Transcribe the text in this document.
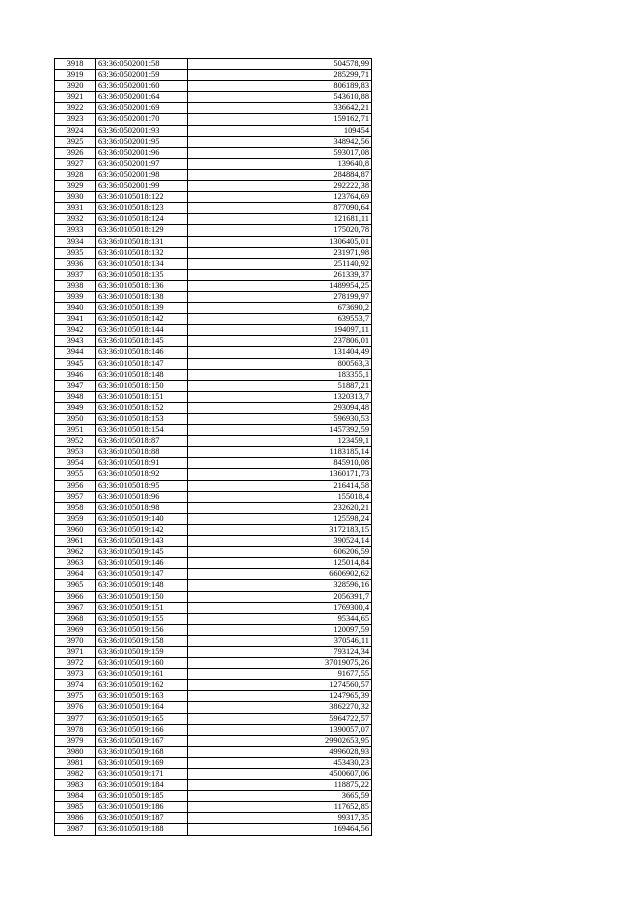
3918	63:36:0502001:58	504578,99
3919	63:36:0502001:59	285299,71
3920	63:36:0502001:60	806189,83
3921	63:36:0502001:64	543610,88
3922	63:36:0502001:69	336642,21
3923	63:36:0502001:70	159162,71
3924	63:36:0502001:93	109454
3925	63:36:0502001:95	348942,56
3926	63:36:0502001:96	593017,08
3927	63:36:0502001:97	139640,8
3928	63:36:0502001:98	284884,87
3929	63:36:0502001:99	292222,38
3930	63:36:0105018:122	123764,69
3931	63:36:0105018:123	877090,64
3932	63:36:0105018:124	121681,11
3933	63:36:0105018:129	175020,78
3934	63:36:0105018:131	1306405,01
3935	63:36:0105018:132	231971,98
3936	63:36:0105018:134	251140,92
3937	63:36:0105018:135	261339,37
3938	63:36:0105018:136	1489954,25
3939	63:36:0105018:138	278199,97
3940	63:36:0105018:139	673690,2
3941	63:36:0105018:142	639553,7
3942	63:36:0105018:144	194097,11
3943	63:36:0105018:145	237806,01
3944	63:36:0105018:146	131404,49
3945	63:36:0105018:147	800563,3
3946	63:36:0105018:148	183355,1
3947	63:36:0105018:150	51887,21
3948	63:36:0105018:151	1320313,7
3949	63:36:0105018:152	293094,48
3950	63:36:0105018:153	596930,53
3951	63:36:0105018:154	1457392,59
3952	63:36:0105018:87	123459,1
3953	63:36:0105018:88	1183185,14
3954	63:36:0105018:91	845910,08
3955	63:36:0105018:92	1360171,73
3956	63:36:0105018:95	216414,58
3957	63:36:0105018:96	155018,4
3958	63:36:0105018:98	232620,21
3959	63:36:0105019:140	125598,24
3960	63:36:0105019:142	3172183,15
3961	63:36:0105019:143	390524,14
3962	63:36:0105019:145	606206,59
3963	63:36:0105019:146	125014,84
3964	63:36:0105019:147	6606902,62
3965	63:36:0105019:148	328596,16
3966	63:36:0105019:150	2056391,7
3967	63:36:0105019:151	1769300,4
3968	63:36:0105019:155	95344,65
3969	63:36:0105019:156	120097,59
3970	63:36:0105019:158	370546,11
3971	63:36:0105019:159	793124,34
3972	63:36:0105019:160	37019075,26
3973	63:36:0105019:161	91677,55
3974	63:36:0105019:162	1274560,57
3975	63:36:0105019:163	1247965,39
3976	63:36:0105019:164	3862270,32
3977	63:36:0105019:165	5964722,57
3978	63:36:0105019:166	1390057,07
3979	63:36:0105019:167	29902653,95
3980	63:36:0105019:168	4996028,93
3981	63:36:0105019:169	453430,23
3982	63:36:0105019:171	4500607,06
3983	63:36:0105019:184	118875,22
3984	63:36:0105019:185	3665,59
3985	63:36:0105019:186	117652,85
3986	63:36:0105019:187	99317,35
3987	63:36:0105019:188	169464,56
